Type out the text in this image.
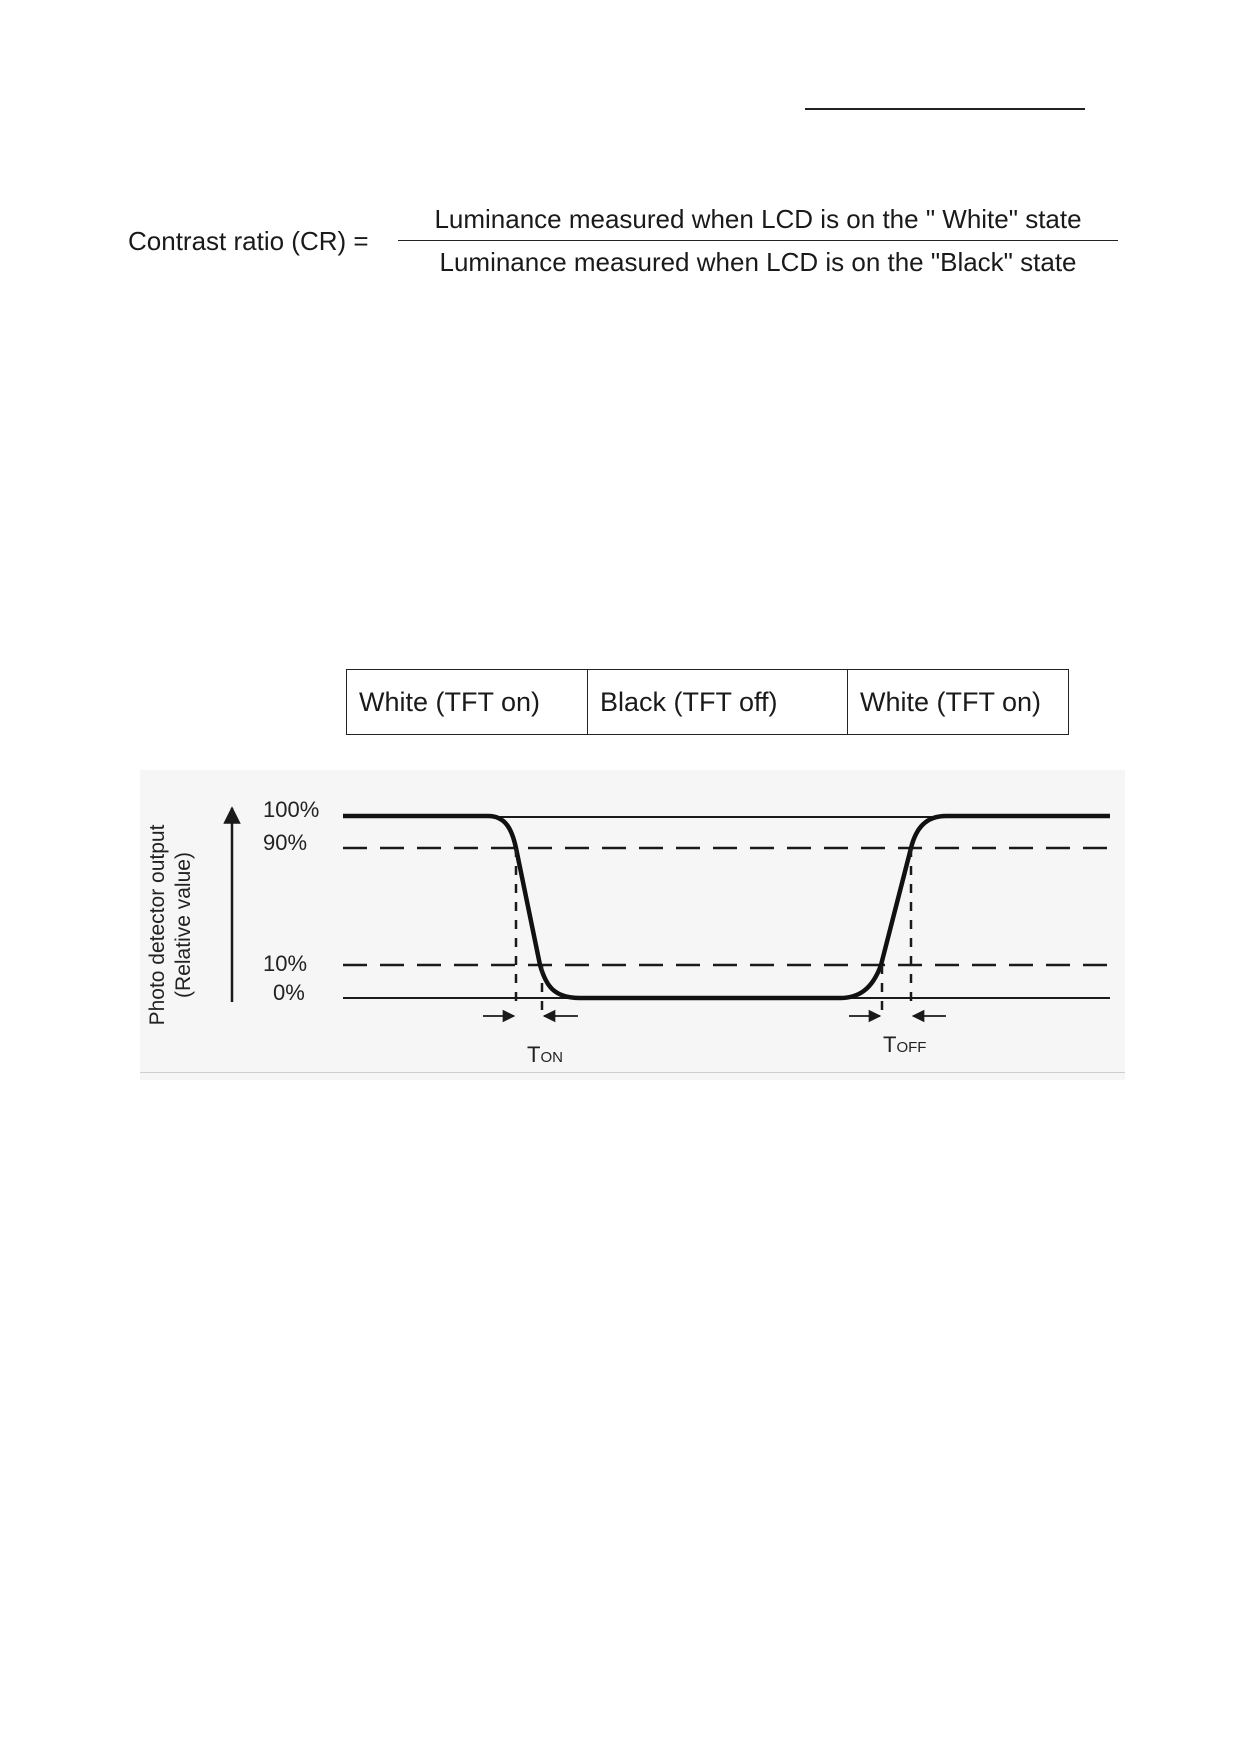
Contrast ratio (CR) =
Luminance measured when LCD is on the " White" state
Luminance measured when LCD is on the "Black" state
White (TFT on)	Black (TFT off)	White (TFT on)
Photo detector output (Relative value)
100%
90%
10%
0%
TON
TOFF
